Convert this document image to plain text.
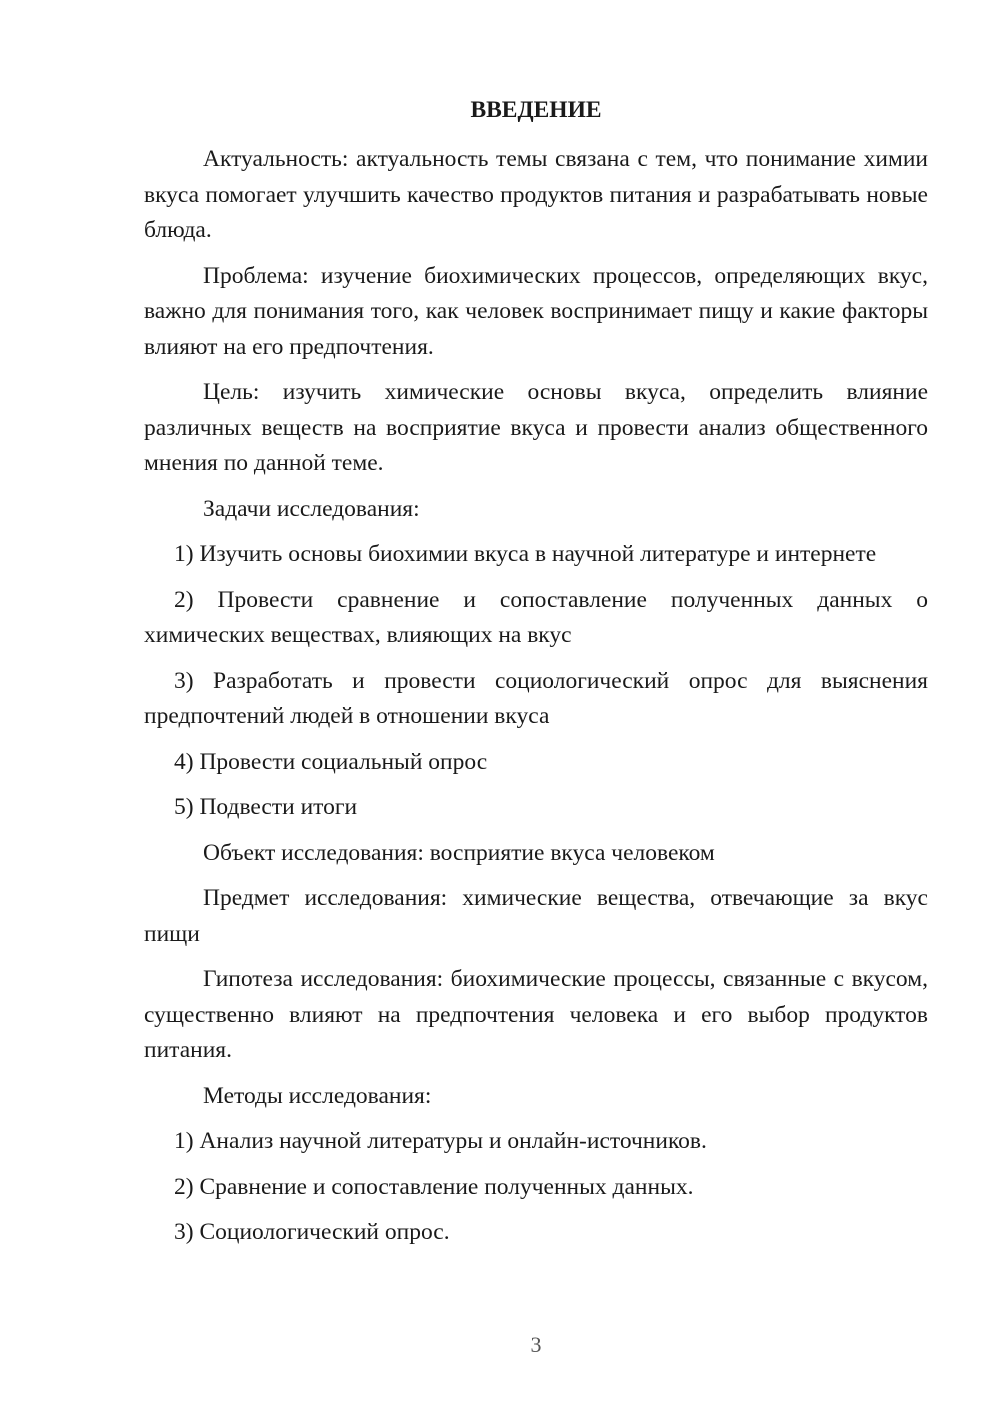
ВВЕДЕНИЕ

Актуальность: актуальность темы связана с тем, что понимание химии вкуса помогает улучшить качество продуктов питания и разрабатывать новые блюда.

Проблема: изучение биохимических процессов, определяющих вкус, важно для понимания того, как человек воспринимает пищу и какие факторы влияют на его предпочтения.

Цель: изучить химические основы вкуса, определить влияние различных веществ на восприятие вкуса и провести анализ общественного мнения по данной теме.

Задачи исследования:

1) Изучить основы биохимии вкуса в научной литературе и интернете

2) Провести сравнение и сопоставление полученных данных о химических веществах, влияющих на вкус

3) Разработать и провести социологический опрос для выяснения предпочтений людей в отношении вкуса

4) Провести социальный опрос

5) Подвести итоги

Объект исследования: восприятие вкуса человеком

Предмет исследования: химические вещества, отвечающие за вкус пищи

Гипотеза исследования: биохимические процессы, связанные с вкусом, существенно влияют на предпочтения человека и его выбор продуктов питания.

Методы исследования:

1) Анализ научной литературы и онлайн-источников.

2) Сравнение и сопоставление полученных данных.

3) Социологический опрос.

3
